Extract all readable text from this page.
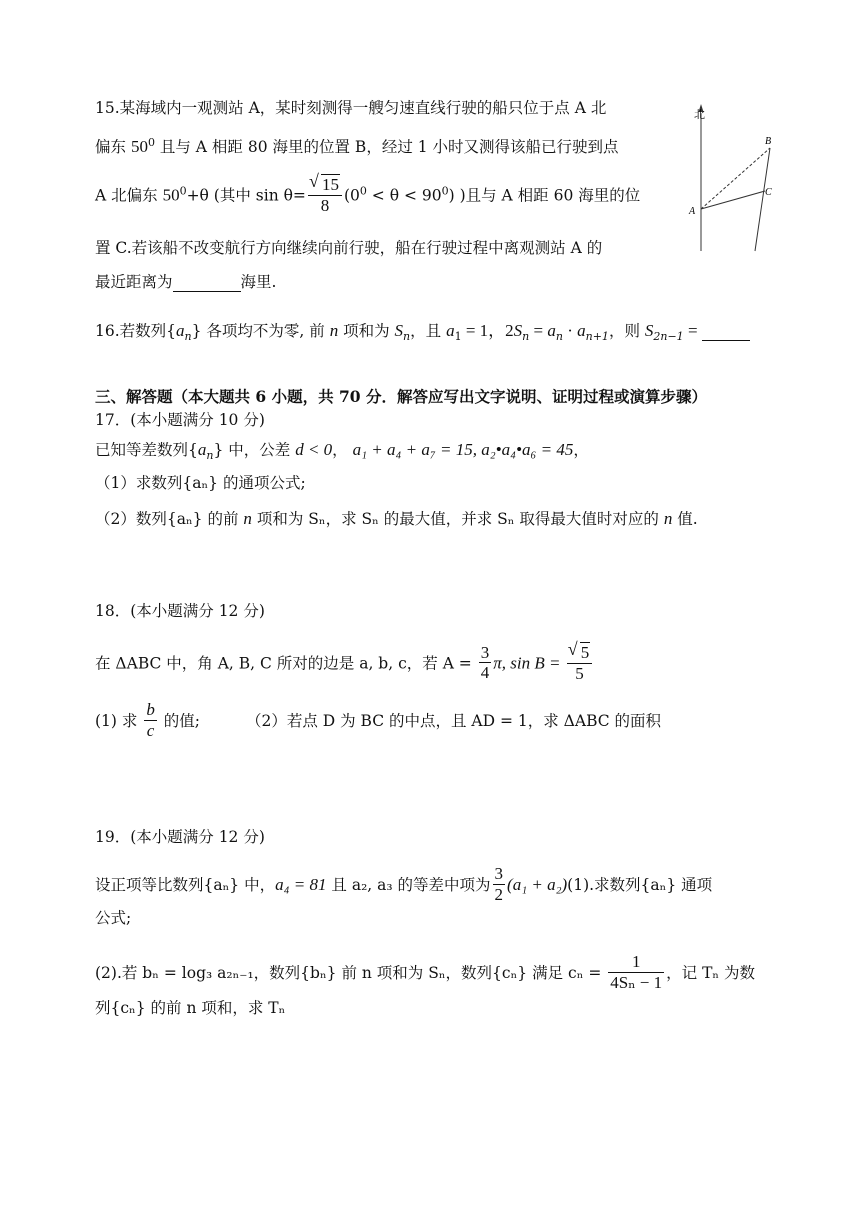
15.某海域内一观测站 A，某时刻测得一艘匀速直线行驶的船只位于点 A 北
偏东 $50^0$ 且与 A 相距 80 海里的位置 B，经过 1 小时又测得该船已行驶到点
A 北偏东 $50^0+\theta$ (其中 sin θ= √ $\frac{15}{8} (0^0 < \theta < 90^0)$ )且与 A 相距 60 海里的位
置 C.若该船不改变航行方向继续向前行驶，船在行驶过程中离观测站 A 的
最近距离为	海里.
北
A
B
C
16.若数列$\{a_n\}$ 各项均不为零, 前 n 项和为 $S_n$，且 $a_1 = 1$，$2S_n = a_n \cdot a_{n+1}$，则 $S_{2n-1}$ =
三、解答题（本大题共 6 小题，共 70 分．解答应写出文字说明、证明过程或演算步骤）
17．(本小题满分 10 分)
已知等差数列$\{a_n\}$ 中，公差 d < 0， a₁ + a₄ + a₇ = 15, a₂•a₄•a₆ = 45，
（1）求数列{aₙ} 的通项公式;
（2）数列{aₙ} 的前 n 项和为 Sₙ，求 Sₙ 的最大值，并求 Sₙ 取得最大值时对应的 n 值.
18．(本小题满分 12 分)
在 ΔABC 中，角 A, B, C 所对的边是 a, b, c，若 $A = \frac{3}{4} \pi$, sin B = √ $\frac{5}{5}$
(1) 求 $\frac{b}{c}$ 的值;	（2）若点 D 为 BC 的中点，且 AD = 1，求 ΔABC 的面积
19．(本小题满分 12 分)
设正项等比数列{aₙ} 中，a₄ = 81 且 a₂, a₃ 的等差中项为 $\frac{3}{2} (a_1 + a_2)(1)$.求数列{aₙ} 通项
公式;
(2).若 bₙ = log₃ a₂ₙ₋₁，数列{bₙ} 前 n 项和为 Sₙ，数列{cₙ} 满足 $c_n = \frac{1}{\text{4Sₙ − 1}}$ ，记 Tₙ 为数
列{cₙ} 的前 n 项和，求 Tₙ
